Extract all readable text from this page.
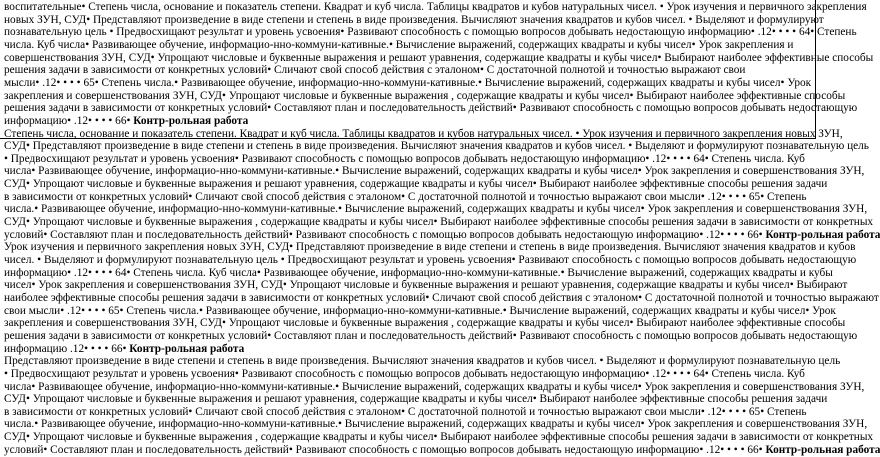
воспитательные• Степень числа, основание и показатель степени. Квадрат и куб числа. Таблицы квадратов и кубов натуральных чисел. • Урок изучения и первичного закрепления
новых ЗУН, СУД• Представляют произведение в виде степени и степень в виде произведения. Вычисляют значения квадратов и кубов чисел. • Выделяют и формулируют
познавательную цель • Предвосхищают результат и уровень усвоения• Развивают способность с помощью вопросов добывать недостающую информацию• .12• • • • 64• Степень
числа. Куб числа• Развивающее обучение, информацио-нно-коммуни-кативные.• Вычисление выражений, содержащих квадраты и кубы чисел• Урок закрепления и
совершенствования ЗУН, СУД• Упрощают числовые и буквенные выражения и решают уравнения, содержащие квадраты и кубы чисел• Выбирают наиболее эффективные способы
решения задачи в зависимости от конкретных условий• Сличают свой способ действия с эталоном• С достаточной полнотой и точностью выражают свои
мысли• .12• • • • 65• Степень числа.• Развивающее обучение, информацио-нно-коммуни-кативные.• Вычисление выражений, содержащих квадраты и кубы чисел• Урок
закрепления и совершенствования ЗУН, СУД• Упрощают числовые и буквенные выражения , содержащие квадраты и кубы чисел• Выбирают наиболее эффективные способы
решения задачи в зависимости от конкретных условий• Составляют план и последовательность действий• Развивают способность с помощью вопросов добывать недостающую
информацию• .12• • • • 66• Контр-рольная работа
Степень числа, основание и показатель степени. Квадрат и куб числа. Таблицы квадратов и кубов натуральных чисел. • Урок изучения и первичного закрепления новых ЗУН,
СУД• Представляют произведение в виде степени и степень в виде произведения. Вычисляют значения квадратов и кубов чисел. • Выделяют и формулируют познавательную цель
• Предвосхищают результат и уровень усвоения• Развивают способность с помощью вопросов добывать недостающую информацию• .12• • • • 64• Степень числа. Куб
числа• Развивающее обучение, информацио-нно-коммуни-кативные.• Вычисление выражений, содержащих квадраты и кубы чисел• Урок закрепления и совершенствования ЗУН,
СУД• Упрощают числовые и буквенные выражения и решают уравнения, содержащие квадраты и кубы чисел• Выбирают наиболее эффективные способы решения задачи
в зависимости от конкретных условий• Сличают свой способ действия с эталоном• С достаточной полнотой и точностью выражают свои мысли• .12• • • • 65• Степень
числа.• Развивающее обучение, информацио-нно-коммуни-кативные.• Вычисление выражений, содержащих квадраты и кубы чисел• Урок закрепления и совершенствования ЗУН,
СУД• Упрощают числовые и буквенные выражения , содержащие квадраты и кубы чисел• Выбирают наиболее эффективные способы решения задачи в зависимости от конкретных
условий• Составляют план и последовательность действий• Развивают способность с помощью вопросов добывать недостающую информацию• .12• • • • 66• Контр-рольная работа
Урок изучения и первичного закрепления новых ЗУН, СУД• Представляют произведение в виде степени и степень в виде произведения. Вычисляют значения квадратов и кубов
чисел. • Выделяют и формулируют познавательную цель • Предвосхищают результат и уровень усвоения• Развивают способность с помощью вопросов добывать недостающую
информацию• .12• • • • 64• Степень числа. Куб числа• Развивающее обучение, информацио-нно-коммуни-кативные.• Вычисление выражений, содержащих квадраты и кубы
чисел• Урок закрепления и совершенствования ЗУН, СУД• Упрощают числовые и буквенные выражения и решают уравнения, содержащие квадраты и кубы чисел• Выбирают
наиболее эффективные способы решения задачи в зависимости от конкретных условий• Сличают свой способ действия с эталоном• С достаточной полнотой и точностью выражают
свои мысли• .12• • • • 65• Степень числа.• Развивающее обучение, информацио-нно-коммуни-кативные.• Вычисление выражений, содержащих квадраты и кубы чисел• Урок
закрепления и совершенствования ЗУН, СУД• Упрощают числовые и буквенные выражения , содержащие квадраты и кубы чисел• Выбирают наиболее эффективные способы
решения задачи в зависимости от конкретных условий• Составляют план и последовательность действий• Развивают способность с помощью вопросов добывать недостающую
информацию .12• • • • 66• Контр-рольная работа
Представляют произведение в виде степени и степень в виде произведения. Вычисляют значения квадратов и кубов чисел. • Выделяют и формулируют познавательную цель
• Предвосхищают результат и уровень усвоения• Развивают способность с помощью вопросов добывать недостающую информацию• .12• • • • 64• Степень числа. Куб
числа• Развивающее обучение, информацио-нно-коммуни-кативные.• Вычисление выражений, содержащих квадраты и кубы чисел• Урок закрепления и совершенствования ЗУН,
СУД• Упрощают числовые и буквенные выражения и решают уравнения, содержащие квадраты и кубы чисел• Выбирают наиболее эффективные способы решения задачи
в зависимости от конкретных условий• Сличают свой способ действия с эталоном• С достаточной полнотой и точностью выражают свои мысли• .12• • • • 65• Степень
числа.• Развивающее обучение, информацио-нно-коммуни-кативные.• Вычисление выражений, содержащих квадраты и кубы чисел• Урок закрепления и совершенствования ЗУН,
СУД• Упрощают числовые и буквенные выражения , содержащие квадраты и кубы чисел• Выбирают наиболее эффективные способы решения задачи в зависимости от конкретных
условий• Составляют план и последовательность действий• Развивают способность с помощью вопросов добывать недостающую информацию• .12• • • • 66• Контр-рольная работа
